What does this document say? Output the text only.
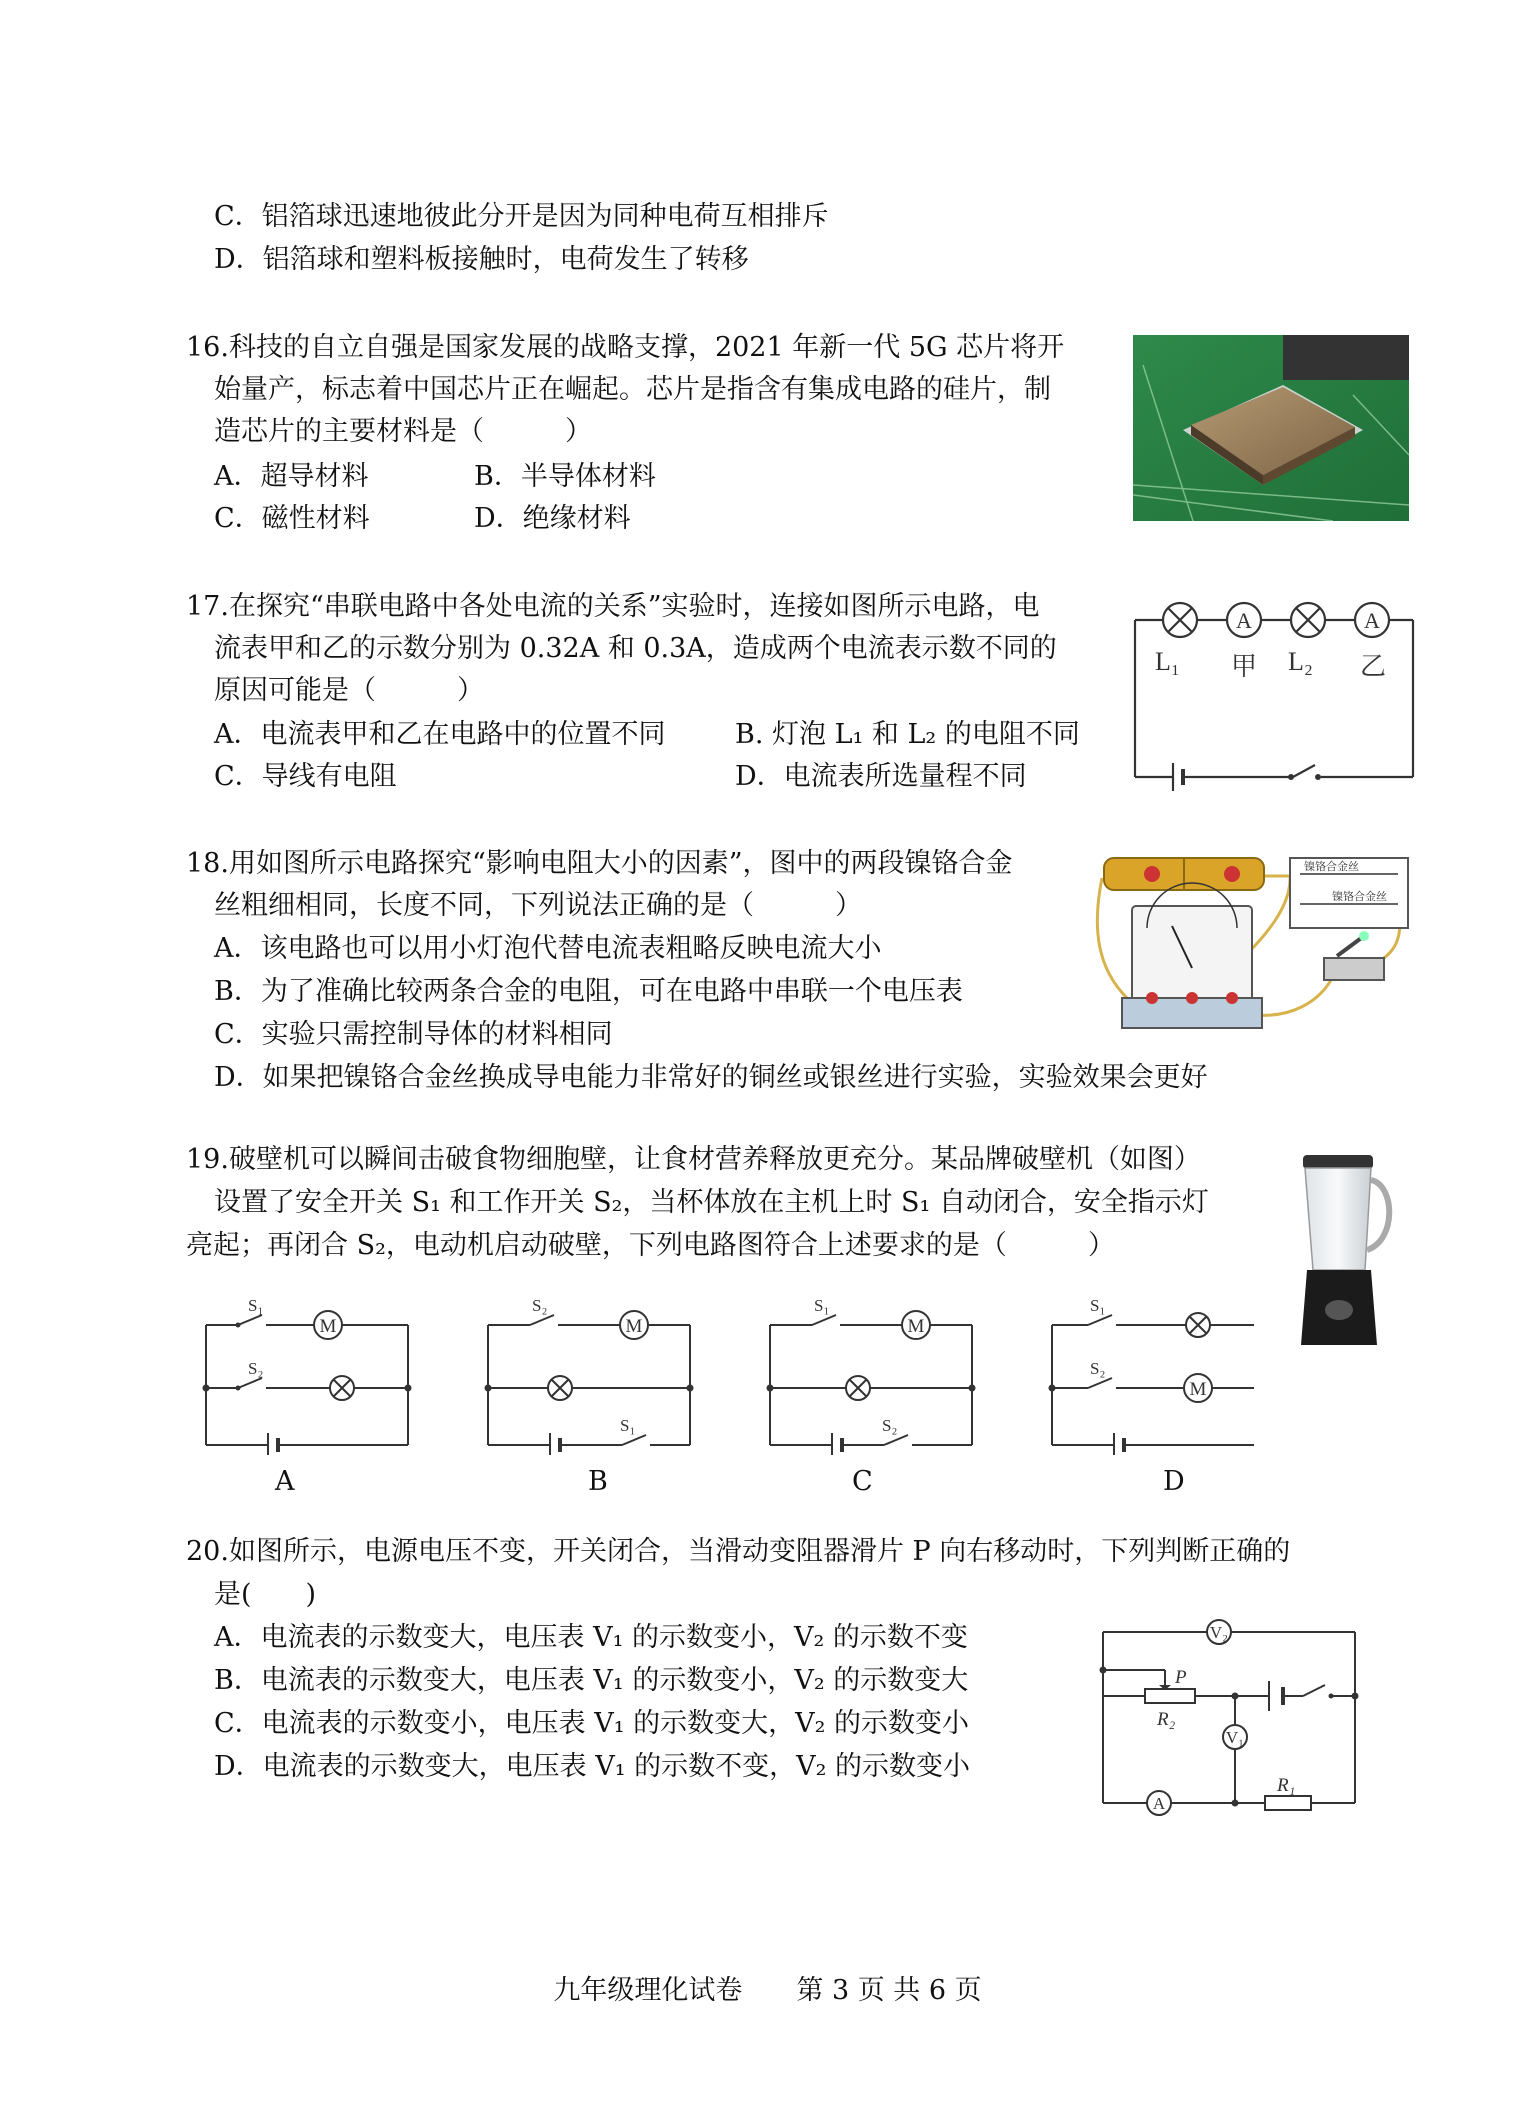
C．铝箔球迅速地彼此分开是因为同种电荷互相排斥
D．铝箔球和塑料板接触时，电荷发生了转移
16.科技的自立自强是国家发展的战略支撑，2021 年新一代 5G 芯片将开
始量产，标志着中国芯片正在崛起。芯片是指含有集成电路的硅片，制
造芯片的主要材料是（　　　）
A．超导材料	B．半导体材料
C．磁性材料	D．绝缘材料
17.在探究“串联电路中各处电流的关系”实验时，连接如图所示电路，电
流表甲和乙的示数分别为 0.32A 和 0.3A，造成两个电流表示数不同的
原因可能是（　　　）
A．电流表甲和乙在电路中的位置不同	B. 灯泡 L₁ 和 L₂ 的电阻不同
C．导线有电阻	D．电流表所选量程不同
A	A
L₁ 甲 L₂ 乙
18.用如图所示电路探究“影响电阻大小的因素”，图中的两段镍铬合金
丝粗细相同，长度不同，下列说法正确的是（　　　）
A．该电路也可以用小灯泡代替电流表粗略反映电流大小
B．为了准确比较两条合金的电阻，可在电路中串联一个电压表
C．实验只需控制导体的材料相同
D．如果把镍铬合金丝换成导电能力非常好的铜丝或银丝进行实验，实验效果会更好
镍铬合金丝
镍铬合金丝
19.破壁机可以瞬间击破食物细胞壁，让食材营养释放更充分。某品牌破壁机（如图）
设置了安全开关 S₁ 和工作开关 S₂，当杯体放在主机上时 S₁ 自动闭合，安全指示灯
亮起；再闭合 S₂，电动机启动破壁，下列电路图符合上述要求的是（　　　）
M
S₁
S₂
A
M
S₂
S₁
B
M
S₁
S₂
C
M
S₁
S₂
D
20.如图所示，电源电压不变，开关闭合，当滑动变阻器滑片 P 向右移动时，下列判断正确的
是(　　)
A．电流表的示数变大，电压表 V₁ 的示数变小，V₂ 的示数不变
B．电流表的示数变大，电压表 V₁ 的示数变小，V₂ 的示数变大
C．电流表的示数变小，电压表 V₁ 的示数变大，V₂ 的示数变小
D．电流表的示数变大，电压表 V₁ 的示数不变，V₂ 的示数变小
V₂
V₁
A
P
R₂
R₁
九年级理化试卷　　第 3 页 共 6 页
